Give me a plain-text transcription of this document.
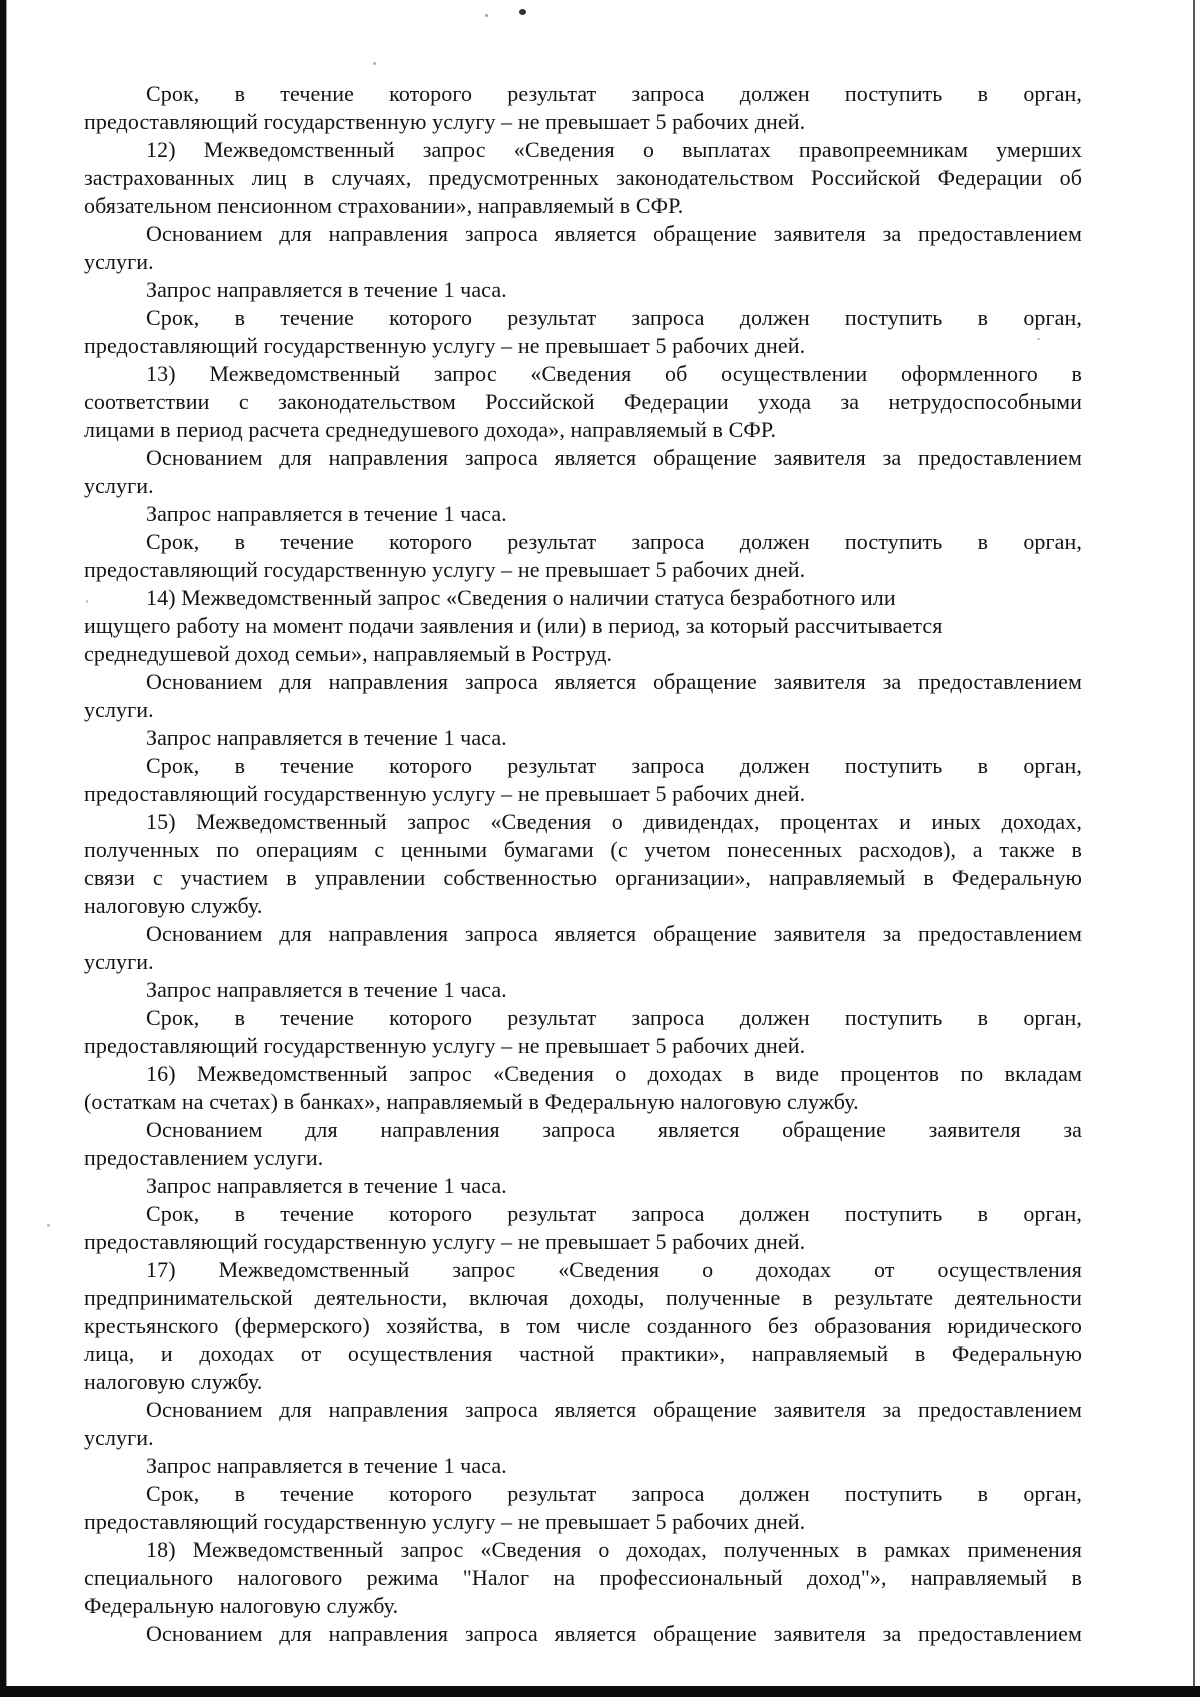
Срок, в течение которого результат запроса должен поступить в орган,
предоставляющий государственную услугу – не превышает 5 рабочих дней.
12) Межведомственный запрос «Сведения о выплатах правопреемникам умерших
застрахованных лиц в случаях, предусмотренных законодательством Российской Федерации об
обязательном пенсионном страховании», направляемый в СФР.
Основанием для направления запроса является обращение заявителя за предоставлением
услуги.
Запрос направляется в течение 1 часа.
Срок, в течение которого результат запроса должен поступить в орган,
предоставляющий государственную услугу – не превышает 5 рабочих дней.
13) Межведомственный запрос «Сведения об осуществлении оформленного в
соответствии с законодательством Российской Федерации ухода за нетрудоспособными
лицами в период расчета среднедушевого дохода», направляемый в СФР.
Основанием для направления запроса является обращение заявителя за предоставлением
услуги.
Запрос направляется в течение 1 часа.
Срок, в течение которого результат запроса должен поступить в орган,
предоставляющий государственную услугу – не превышает 5 рабочих дней.
14) Межведомственный запрос «Сведения о наличии статуса безработного или
ищущего работу на момент подачи заявления и (или) в период, за который рассчитывается
среднедушевой доход семьи», направляемый в Роструд.
Основанием для направления запроса является обращение заявителя за предоставлением
услуги.
Запрос направляется в течение 1 часа.
Срок, в течение которого результат запроса должен поступить в орган,
предоставляющий государственную услугу – не превышает 5 рабочих дней.
15) Межведомственный запрос «Сведения о дивидендах, процентах и иных доходах,
полученных по операциям с ценными бумагами (с учетом понесенных расходов), а также в
связи с участием в управлении собственностью организации», направляемый в Федеральную
налоговую службу.
Основанием для направления запроса является обращение заявителя за предоставлением
услуги.
Запрос направляется в течение 1 часа.
Срок, в течение которого результат запроса должен поступить в орган,
предоставляющий государственную услугу – не превышает 5 рабочих дней.
16) Межведомственный запрос «Сведения о доходах в виде процентов по вкладам
(остаткам на счетах) в банках», направляемый в Федеральную налоговую службу.
Основанием для направления запроса является обращение заявителя за
предоставлением услуги.
Запрос направляется в течение 1 часа.
Срок, в течение которого результат запроса должен поступить в орган,
предоставляющий государственную услугу – не превышает 5 рабочих дней.
17) Межведомственный запрос «Сведения о доходах от осуществления
предпринимательской деятельности, включая доходы, полученные в результате деятельности
крестьянского (фермерского) хозяйства, в том числе созданного без образования юридического
лица, и доходах от осуществления частной практики», направляемый в Федеральную
налоговую службу.
Основанием для направления запроса является обращение заявителя за предоставлением
услуги.
Запрос направляется в течение 1 часа.
Срок, в течение которого результат запроса должен поступить в орган,
предоставляющий государственную услугу – не превышает 5 рабочих дней.
18) Межведомственный запрос «Сведения о доходах, полученных в рамках применения
специального налогового режима "Налог на профессиональный доход"», направляемый в
Федеральную налоговую службу.
Основанием для направления запроса является обращение заявителя за предоставлением
